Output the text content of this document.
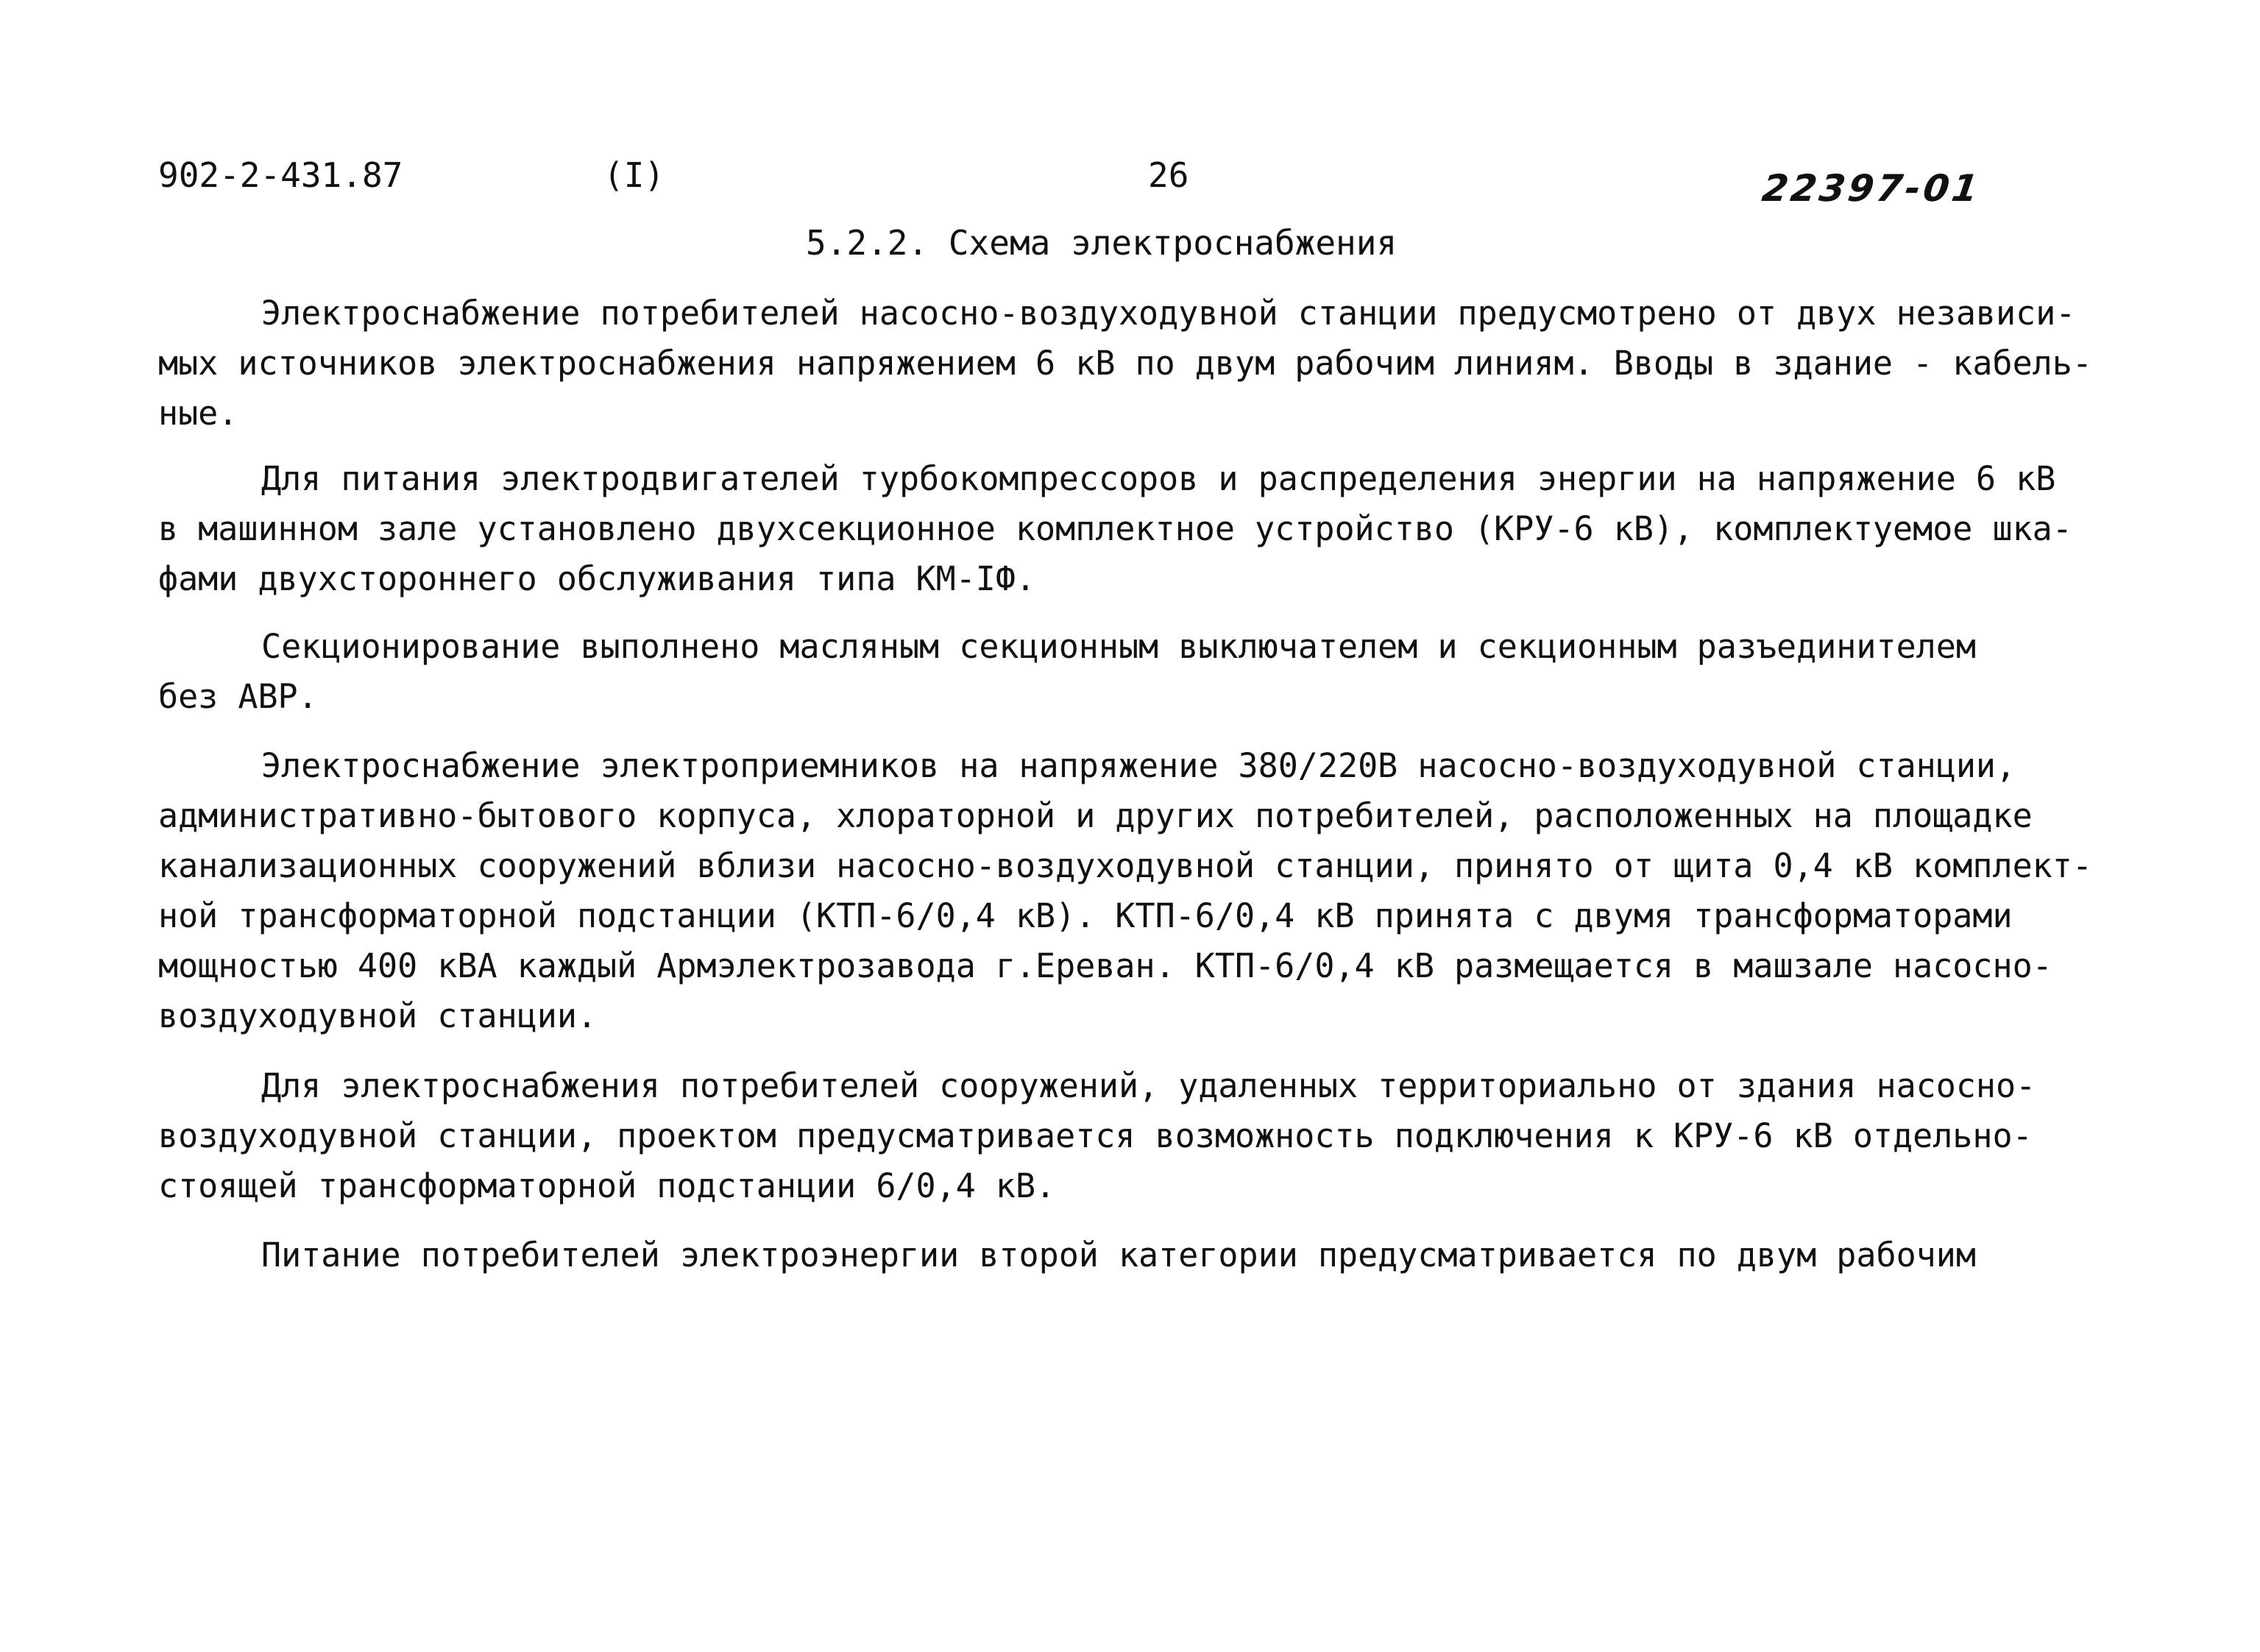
902-2-431.87	(I)	26	22397-01
5.2.2. Схема электроснабжения
Электроснабжение потребителей насосно-воздуходувной станции предусмотрено от двух независи-
мых источников электроснабжения напряжением 6 кВ по двум рабочим линиям. Вводы в здание - кабель-
ные.
Для питания электродвигателей турбокомпрессоров и распределения энергии на напряжение 6 кВ
в машинном зале установлено двухсекционное комплектное устройство (КРУ-6 кВ), комплектуемое шка-
фами двухстороннего обслуживания типа КМ-IФ.
Секционирование выполнено масляным секционным выключателем и секционным разъединителем
без АВР.
Электроснабжение электроприемников на напряжение 380/220В насосно-воздуходувной станции,
административно-бытового корпуса, хлораторной и других потребителей, расположенных на площадке
канализационных сооружений вблизи насосно-воздуходувной станции, принято от щита 0,4 кВ комплект-
ной трансформаторной подстанции (КТП-6/0,4 кВ). КТП-6/0,4 кВ принята с двумя трансформаторами
мощностью 400 кВА каждый Армэлектрозавода г.Ереван. КТП-6/0,4 кВ размещается в машзале насосно-
воздуходувной станции.
Для электроснабжения потребителей сооружений, удаленных территориально от здания насосно-
воздуходувной станции, проектом предусматривается возможность подключения к КРУ-6 кВ отдельно-
стоящей трансформаторной подстанции 6/0,4 кВ.
Питание потребителей электроэнергии второй категории предусматривается по двум рабочим
